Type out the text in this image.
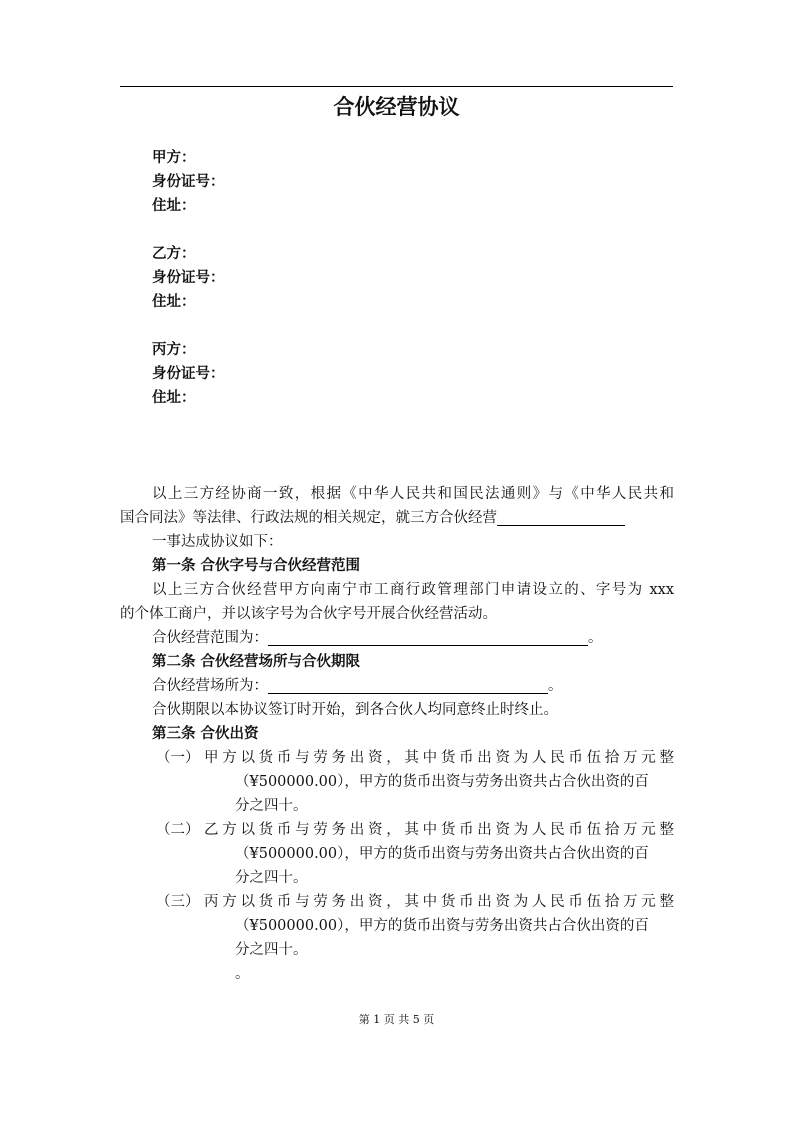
合伙经营协议
甲方：
身份证号：
住址：
乙方：
身份证号：
住址：
丙方：
身份证号：
住址：
以上三方经协商一致，根据《中华人民共和国民法通则》与《中华人民共和
国合同法》等法律、行政法规的相关规定，就三方合伙经营
一事达成协议如下：
第一条 合伙字号与合伙经营范围
以上三方合伙经营甲方向南宁市工商行政管理部门申请设立的、字号为 xxx
的个体工商户，并以该字号为合伙字号开展合伙经营活动。
合伙经营范围为：	。
第二条 合伙经营场所与合伙期限
合伙经营场所为：	。
合伙期限以本协议签订时开始，到各合伙人均同意终止时终止。
第三条 合伙出资
（一） 甲方以货币与劳务出资，其中货币出资为人民币伍拾万元整
（¥500000.00），甲方的货币出资与劳务出资共占合伙出资的百
分之四十。
（二） 乙方以货币与劳务出资，其中货币出资为人民币伍拾万元整
（¥500000.00），甲方的货币出资与劳务出资共占合伙出资的百
分之四十。
（三） 丙方以货币与劳务出资，其中货币出资为人民币伍拾万元整
（¥500000.00），甲方的货币出资与劳务出资共占合伙出资的百
分之四十。
。
第 1 页 共 5 页
